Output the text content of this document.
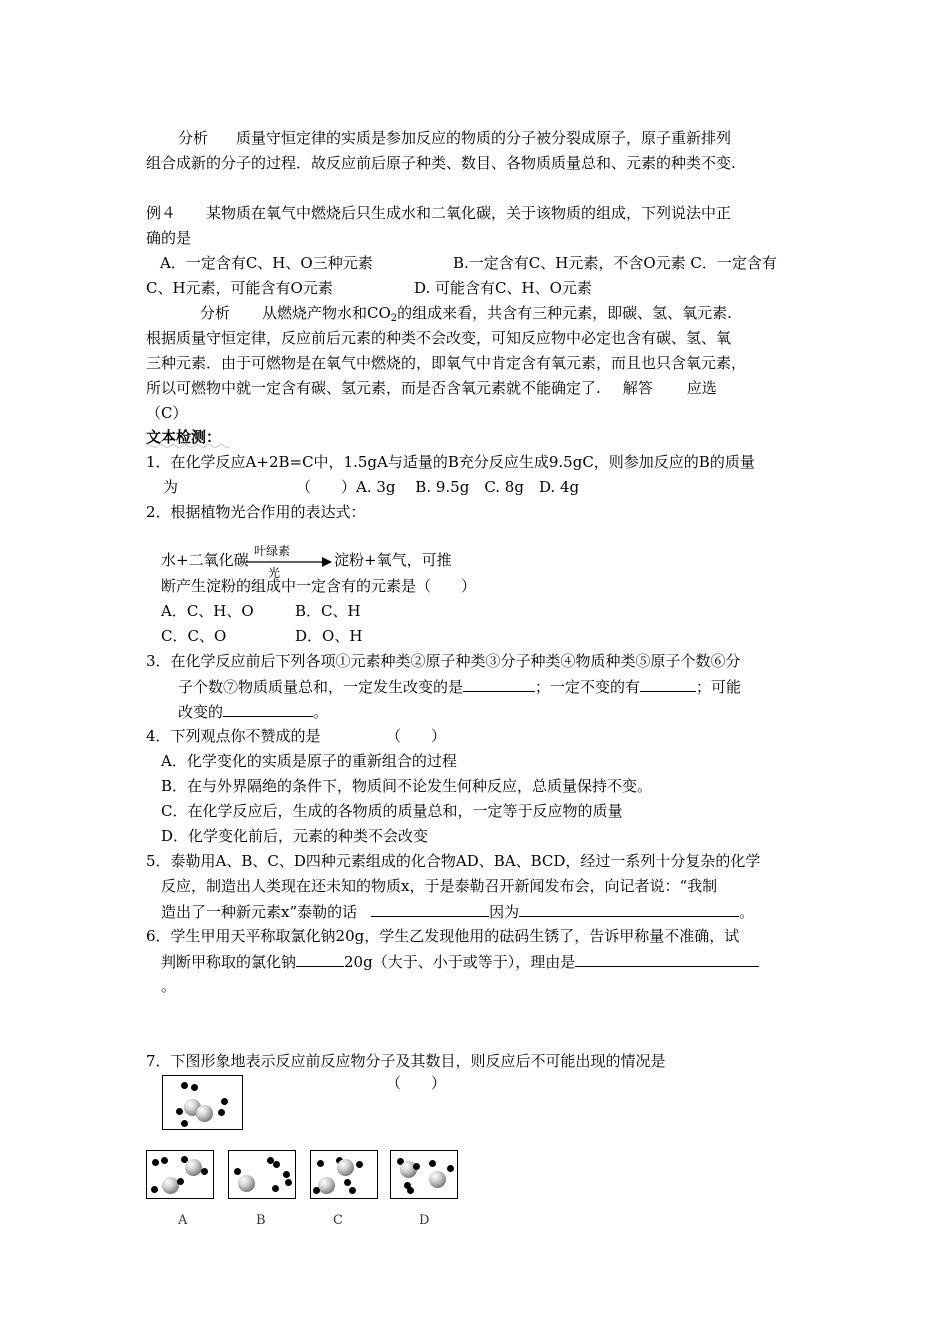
分析 质量守恒定律的实质是参加反应的物质的分子被分裂成原子，原子重新排列
组合成新的分子的过程．故反应前后原子种类、数目、各物质质量总和、元素的种类不变.
例４ 某物质在氧气中燃烧后只生成水和二氧化碳，关于该物质的组成，下列说法中正
确的是
A．一定含有C、H、O三种元素	B.一定含有C、H元素，不含O元素 C．一定含有
C、H元素，可能含有O元素	D. 可能含有C、H、O元素
分析 从燃烧产物水和$CO_2$的组成来看，共含有三种元素，即碳、氢、氧元素.
根据质量守恒定律，反应前后元素的种类不会改变，可知反应物中必定也含有碳、氢、氧
三种元素．由于可燃物是在氧气中燃烧的，即氧气中肯定含有氧元素，而且也只含氧元素，
所以可燃物中就一定含有碳、氢元素，而是否含氧元素就不能确定了. 解答 应选
（C）
文本检测：
1．在化学反应A+2B=C中，1.5gA与适量的B充分反应生成9.5gC，则参加反应的B的质量
为	（　　）A. 3g　 B. 9.5g　C. 8g　D. 4g
2．根据植物光合作用的表达式：
水+二氧化碳 叶绿素
光
淀粉+氧气，可推
断产生淀粉的组成中一定含有的元素是（　　）
A．C、H、O	B．C、H
C．C、O	D．O、H
3．在化学反应前后下列各项①元素种类②原子种类③分子种类④物质种类⑤原子个数⑥分
子个数⑦物质质量总和，一定发生改变的是	；一定不变的有	；可能
改变的	。
4．下列观点你不赞成的是	（　　）
A．化学变化的实质是原子的重新组合的过程
B．在与外界隔绝的条件下，物质间不论发生何种反应，总质量保持不变。
C．在化学反应后，生成的各物质的质量总和，一定等于反应物的质量
D．化学变化前后，元素的种类不会改变
5．泰勒用A、B、C、D四种元素组成的化合物AD、BA、BCD，经过一系列十分复杂的化学
反应，制造出人类现在还未知的物质x，于是泰勒召开新闻发布会，向记者说：“我制
造出了一种新元素x”泰勒的话	因为	。
6．学生甲用天平称取氯化钠20g，学生乙发现他用的砝码生锈了，告诉甲称量不准确，试
判断甲称取的氯化钠	20g（大于、小于或等于），理由是
。
7．下图形象地表示反应前反应物分子及其数目，则反应后不可能出现的情况是
（　　）
A	B	C	D
